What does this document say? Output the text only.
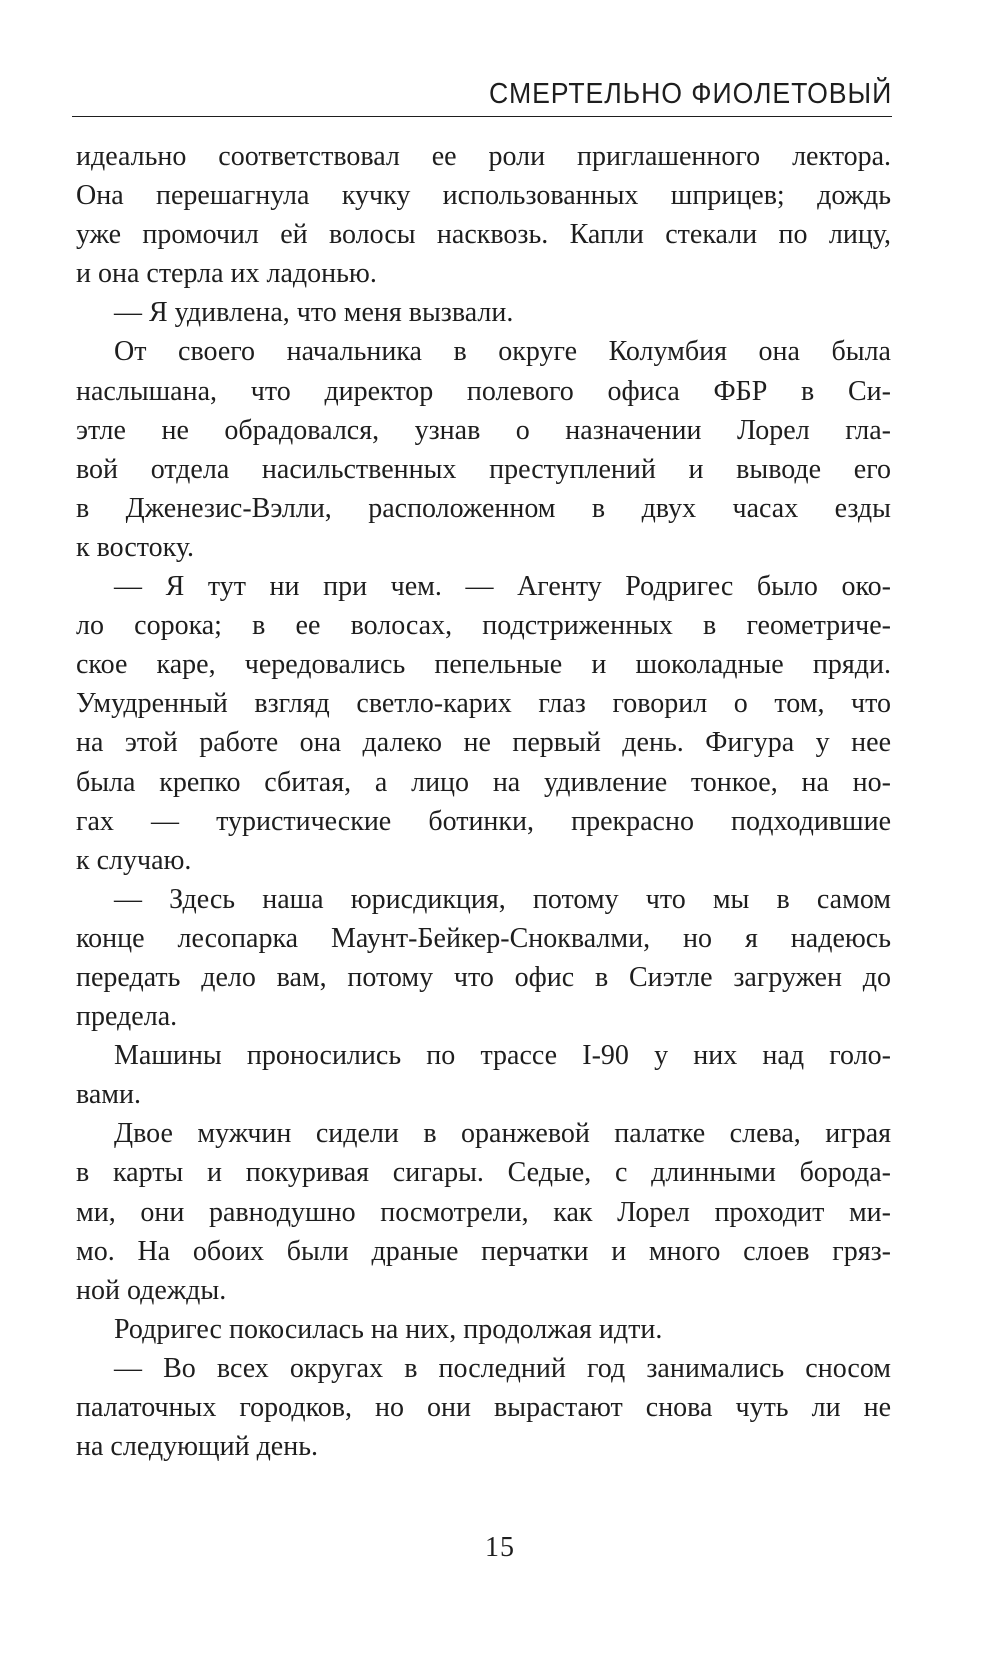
СМЕРТЕЛЬНО ФИОЛЕТОВЫЙ
идеально соответствовал ее роли приглашенного лектора.
Она перешагнула кучку использованных шприцев; дождь
уже промочил ей волосы насквозь. Капли стекали по лицу,
и она стерла их ладонью.
— Я удивлена, что меня вызвали.
От своего начальника в округе Колумбия она была
наслышана, что директор полевого офиса ФБР в Си-
этле не обрадовался, узнав о назначении Лорел гла-
вой отдела насильственных преступлений и выводе его
в Дженезис-Вэлли, расположенном в двух часах езды
к востоку.
— Я тут ни при чем. — Агенту Родригес было око-
ло сорока; в ее волосах, подстриженных в геометриче-
ское каре, чередовались пепельные и шоколадные пряди.
Умудренный взгляд светло-карих глаз говорил о том, что
на этой работе она далеко не первый день. Фигура у нее
была крепко сбитая, а лицо на удивление тонкое, на но-
гах — туристические ботинки, прекрасно подходившие
к случаю.
— Здесь наша юрисдикция, потому что мы в самом
конце лесопарка Маунт-Бейкер-Сноквалми, но я надеюсь
передать дело вам, потому что офис в Сиэтле загружен до
предела.
Машины проносились по трассе I-90 у них над голо-
вами.
Двое мужчин сидели в оранжевой палатке слева, играя
в карты и покуривая сигары. Седые, с длинными борода-
ми, они равнодушно посмотрели, как Лорел проходит ми-
мо. На обоих были драные перчатки и много слоев гряз-
ной одежды.
Родригес покосилась на них, продолжая идти.
— Во всех округах в последний год занимались сносом
палаточных городков, но они вырастают снова чуть ли не
на следующий день.
15
